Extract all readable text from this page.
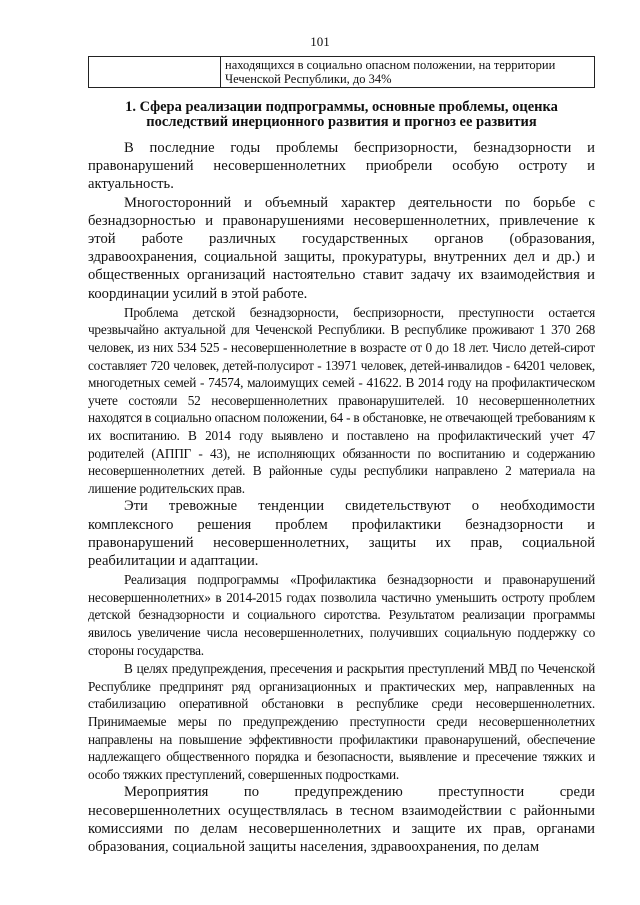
101
	находящихся в социально опасном положении, на территории Чеченской Республики, до 34%
1. Сфера реализации подпрограммы, основные проблемы, оценка последствий инерционного развития и прогноз ее развития

В последние годы проблемы беспризорности, безнадзорности и правонарушений несовершеннолетних приобрели особую остроту и актуальность.

Многосторонний и объемный характер деятельности по борьбе с безнадзорностью и правонарушениями несовершеннолетних, привлечение к этой работе различных государственных органов (образования, здравоохранения, социальной защиты, прокуратуры, внутренних дел и др.) и общественных организаций настоятельно ставит задачу их взаимодействия и координации усилий в этой работе.

Проблема детской безнадзорности, беспризорности, преступности остается чрезвычайно актуальной для Чеченской Республики. В республике проживают 1 370 268 человек, из них 534 525 - несовершеннолетние в возрасте от 0 до 18 лет. Число детей-сирот составляет 720 человек, детей-полусирот - 13971 человек, детей-инвалидов - 64201 человек, многодетных семей - 74574, малоимущих семей - 41622. В 2014 году на профилактическом учете состояли 52 несовершеннолетних правонарушителей. 10 несовершеннолетних находятся в социально опасном положении, 64 - в обстановке, не отвечающей требованиям к их воспитанию. В 2014 году выявлено и поставлено на профилактический учет 47 родителей (АППГ - 43), не исполняющих обязанности по воспитанию и содержанию несовершеннолетних детей. В районные суды республики направлено 2 материала на лишение родительских прав.

Эти тревожные тенденции свидетельствуют о необходимости комплексного решения проблем профилактики безнадзорности и правонарушений несовершеннолетних, защиты их прав, социальной реабилитации и адаптации.

Реализация подпрограммы «Профилактика безнадзорности и правонарушений несовершеннолетних» в 2014-2015 годах позволила частично уменьшить остроту проблем детской безнадзорности и социального сиротства. Результатом реализации программы явилось увеличение числа несовершеннолетних, получивших социальную поддержку со стороны государства.

В целях предупреждения, пресечения и раскрытия преступлений МВД по Чеченской Республике предпринят ряд организационных и практических мер, направленных на стабилизацию оперативной обстановки в республике среди несовершеннолетних. Принимаемые меры по предупреждению преступности среди несовершеннолетних направлены на повышение эффективности профилактики правонарушений, обеспечение надлежащего общественного порядка и безопасности, выявление и пресечение тяжких и особо тяжких преступлений, совершенных подростками.

Мероприятия по предупреждению преступности среди несовершеннолетних осуществлялась в тесном взаимодействии с районными комиссиями по делам несовершеннолетних и защите их прав, органами образования, социальной защиты населения, здравоохранения, по делам
